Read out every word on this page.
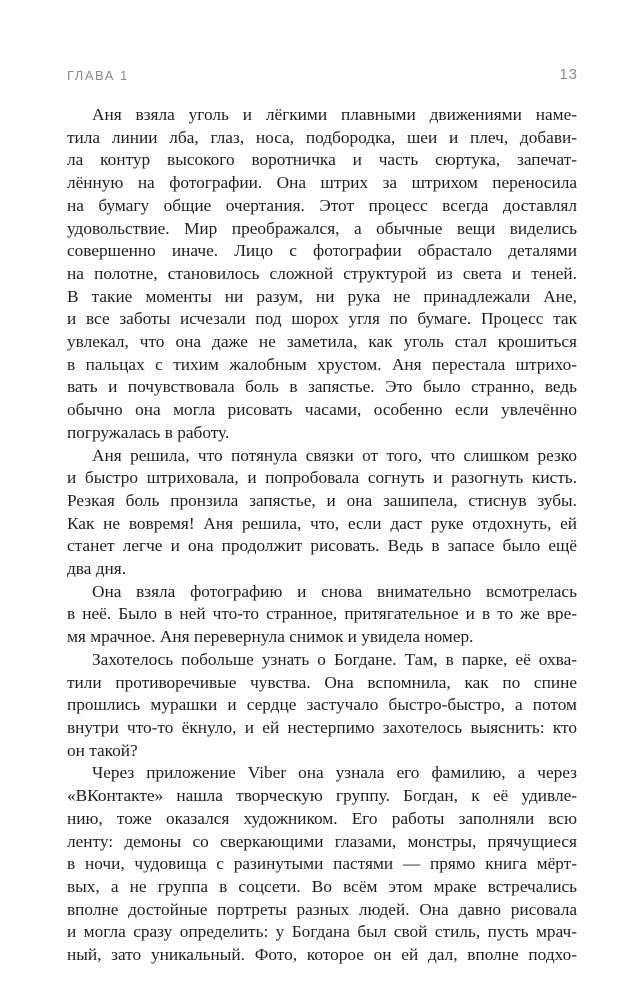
ГЛАВА 1	13
Аня взяла уголь и лёгкими плавными движениями наме-
тила линии лба, глаз, носа, подбородка, шеи и плеч, добави-
ла контур высокого воротничка и часть сюртука, запечат-
лённую на фотографии. Она штрих за штрихом переносила
на бумагу общие очертания. Этот процесс всегда доставлял
удовольствие. Мир преображался, а обычные вещи виделись
совершенно иначе. Лицо с фотографии обрастало деталями
на полотне, становилось сложной структурой из света и теней.
В такие моменты ни разум, ни рука не принадлежали Ане,
и все заботы исчезали под шорох угля по бумаге. Процесс так
увлекал, что она даже не заметила, как уголь стал крошиться
в пальцах с тихим жалобным хрустом. Аня перестала штрихо-
вать и почувствовала боль в запястье. Это было странно, ведь
обычно она могла рисовать часами, особенно если увлечённо
погружалась в работу.
Аня решила, что потянула связки от того, что слишком резко
и быстро штриховала, и попробовала согнуть и разогнуть кисть.
Резкая боль пронзила запястье, и она зашипела, стиснув зубы.
Как не вовремя! Аня решила, что, если даст руке отдохнуть, ей
станет легче и она продолжит рисовать. Ведь в запасе было ещё
два дня.
Она взяла фотографию и снова внимательно всмотрелась
в неё. Было в ней что-то странное, притягательное и в то же вре-
мя мрачное. Аня перевернула снимок и увидела номер.
Захотелось побольше узнать о Богдане. Там, в парке, её охва-
тили противоречивые чувства. Она вспомнила, как по спине
прошлись мурашки и сердце застучало быстро-быстро, а потом
внутри что-то ёкнуло, и ей нестерпимо захотелось выяснить: кто
он такой?
Через приложение Viber она узнала его фамилию, а через
«ВКонтакте» нашла творческую группу. Богдан, к её удивле-
нию, тоже оказался художником. Его работы заполняли всю
ленту: демоны со сверкающими глазами, монстры, прячущиеся
в ночи, чудовища с разинутыми пастями — прямо книга мёрт-
вых, а не группа в соцсети. Во всём этом мраке встречались
вполне достойные портреты разных людей. Она давно рисовала
и могла сразу определить: у Богдана был свой стиль, пусть мрач-
ный, зато уникальный. Фото, которое он ей дал, вполне подхо-
